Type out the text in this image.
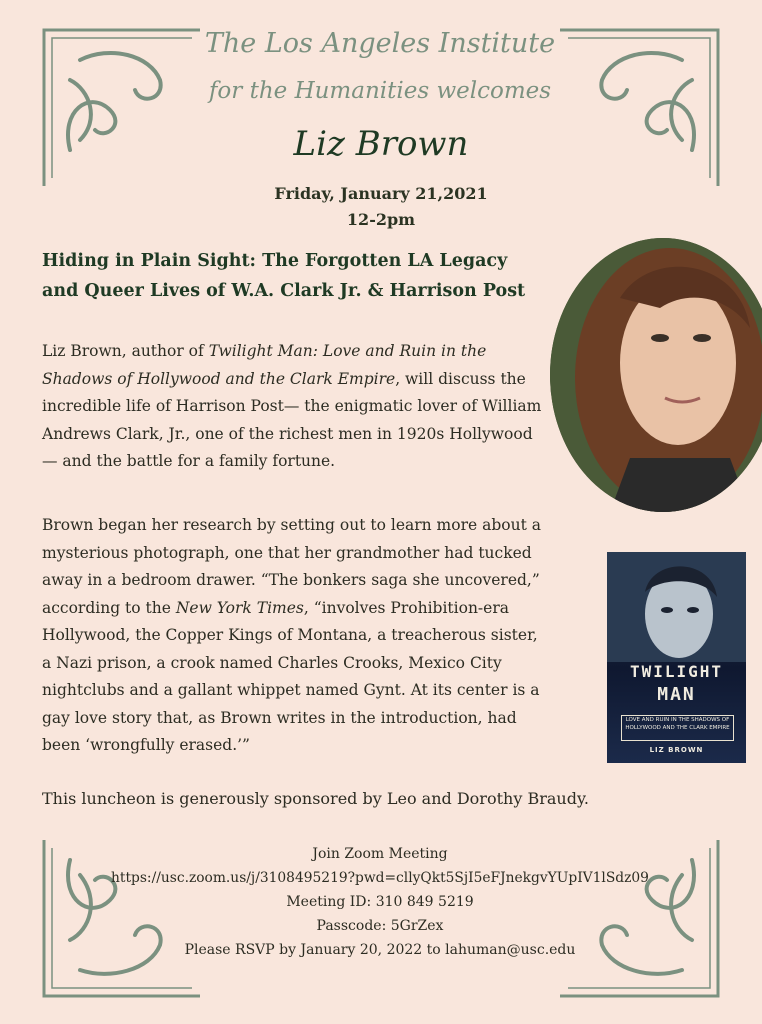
The Los Angeles Institute
for the Humanities welcomes
Liz Brown
Friday, January 21,2021
12-2pm
Hiding in Plain Sight: The Forgotten LA Legacy and Queer Lives of W.A. Clark Jr. & Harrison Post
Liz Brown, author of Twilight Man: Love and Ruin in the Shadows of Hollywood and the Clark Empire, will discuss the incredible life of Harrison Post— the enigmatic lover of William Andrews Clark, Jr., one of the richest men in 1920s Hollywood — and the battle for a family fortune.
Brown began her research by setting out to learn more about a mysterious photograph, one that her grandmother had tucked away in a bedroom drawer. “The bonkers saga she uncovered,” according to the New York Times, “involves Prohibition-era Hollywood, the Copper Kings of Montana, a treacherous sister, a Nazi prison, a crook named Charles Crooks, Mexico City nightclubs and a gallant whippet named Gynt. At its center is a gay love story that, as Brown writes in the introduction, had been ‘wrongfully erased.’”
TWILIGHT
MAN
LOVE AND RUIN IN THE SHADOWS OF HOLLYWOOD AND THE CLARK EMPIRE
LIZ BROWN
This luncheon is generously sponsored by Leo and Dorothy Braudy.
Join Zoom Meeting
https://usc.zoom.us/j/3108495219?pwd=cllyQkt5SjI5eFJnekgvYUpIV1lSdz09
Meeting ID: 310 849 5219
Passcode: 5GrZex
Please RSVP by January 20, 2022 to lahuman@usc.edu
